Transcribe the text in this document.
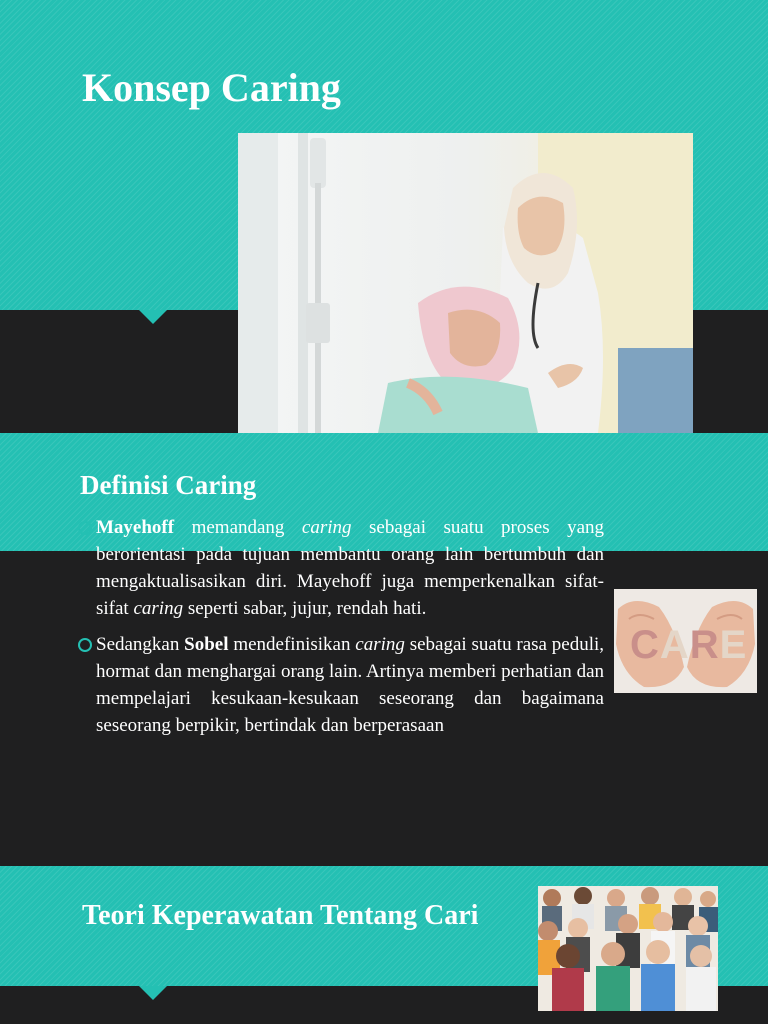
Konsep Caring
Definisi Caring

Mayehoff memandang caring sebagai suatu proses yang berorientasi pada tujuan membantu orang lain bertumbuh dan mengaktualisasikan diri. Mayehoff juga memperkenalkan sifat-sifat caring seperti sabar, jujur, rendah hati.

Sedangkan Sobel mendefinisikan caring sebagai suatu rasa peduli, hormat dan menghargai orang lain. Artinya memberi perhatian dan mempelajari kesukaan-kesukaan seseorang dan bagaimana seseorang berpikir, bertindak dan berperasaan

CARE
Teori Keperawatan Tentang Cari
